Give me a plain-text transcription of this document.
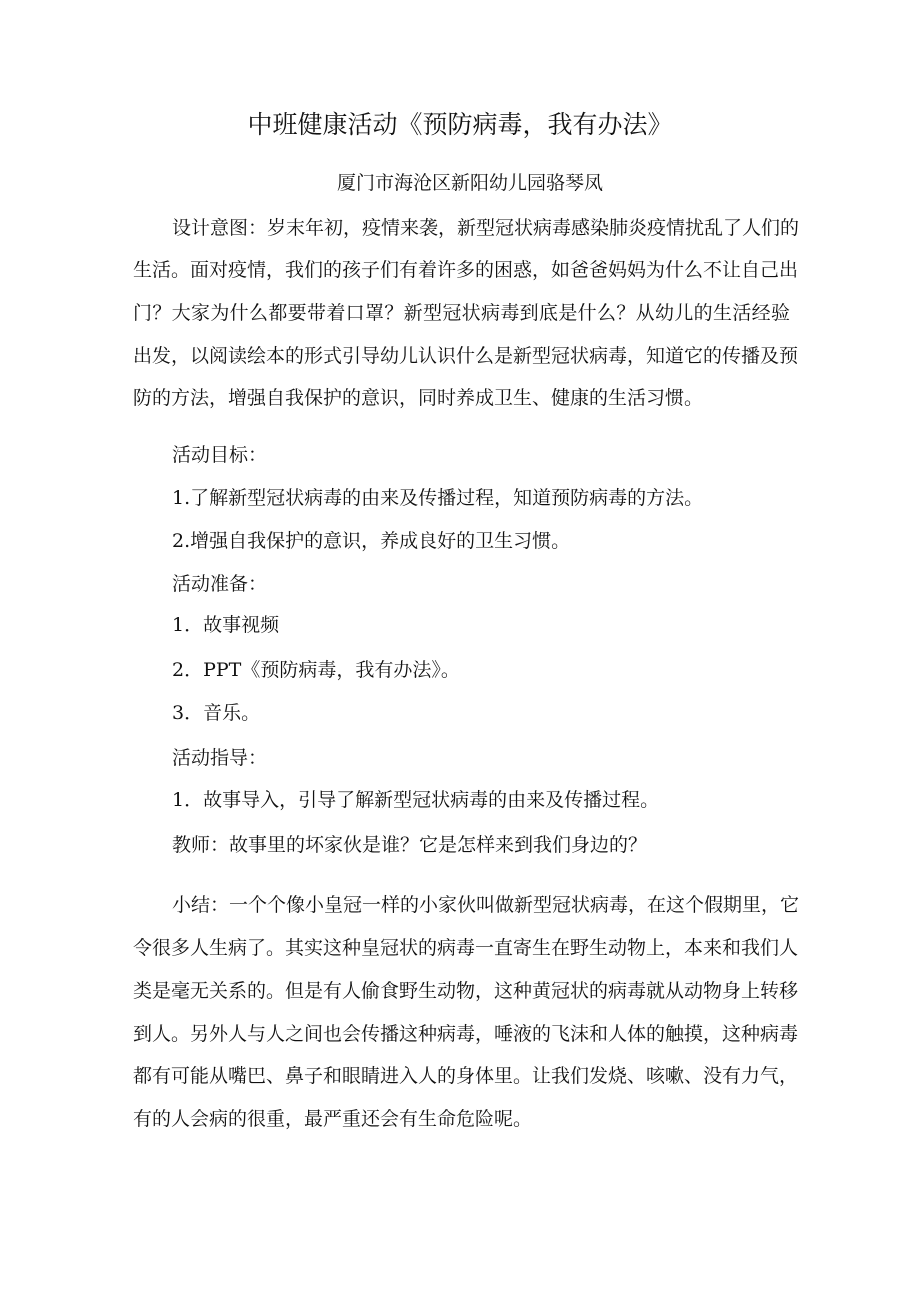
中班健康活动《预防病毒，我有办法》
厦门市海沧区新阳幼儿园骆琴凤
设计意图：岁末年初，疫情来袭，新型冠状病毒感染肺炎疫情扰乱了人们的
生活。面对疫情，我们的孩子们有着许多的困惑，如爸爸妈妈为什么不让自己出
门？大家为什么都要带着口罩？新型冠状病毒到底是什么？从幼儿的生活经验
出发，以阅读绘本的形式引导幼儿认识什么是新型冠状病毒，知道它的传播及预
防的方法，增强自我保护的意识，同时养成卫生、健康的生活习惯。
活动目标：
1.了解新型冠状病毒的由来及传播过程，知道预防病毒的方法。
2.增强自我保护的意识，养成良好的卫生习惯。
活动准备：
1．故事视频
2．PPT《预防病毒，我有办法》。
3．音乐。
活动指导：
1．故事导入，引导了解新型冠状病毒的由来及传播过程。
教师：故事里的坏家伙是谁？它是怎样来到我们身边的？
小结：一个个像小皇冠一样的小家伙叫做新型冠状病毒，在这个假期里，它
令很多人生病了。其实这种皇冠状的病毒一直寄生在野生动物上，本来和我们人
类是毫无关系的。但是有人偷食野生动物，这种黄冠状的病毒就从动物身上转移
到人。另外人与人之间也会传播这种病毒，唾液的飞沫和人体的触摸，这种病毒
都有可能从嘴巴、鼻子和眼睛进入人的身体里。让我们发烧、咳嗽、没有力气，
有的人会病的很重，最严重还会有生命危险呢。
